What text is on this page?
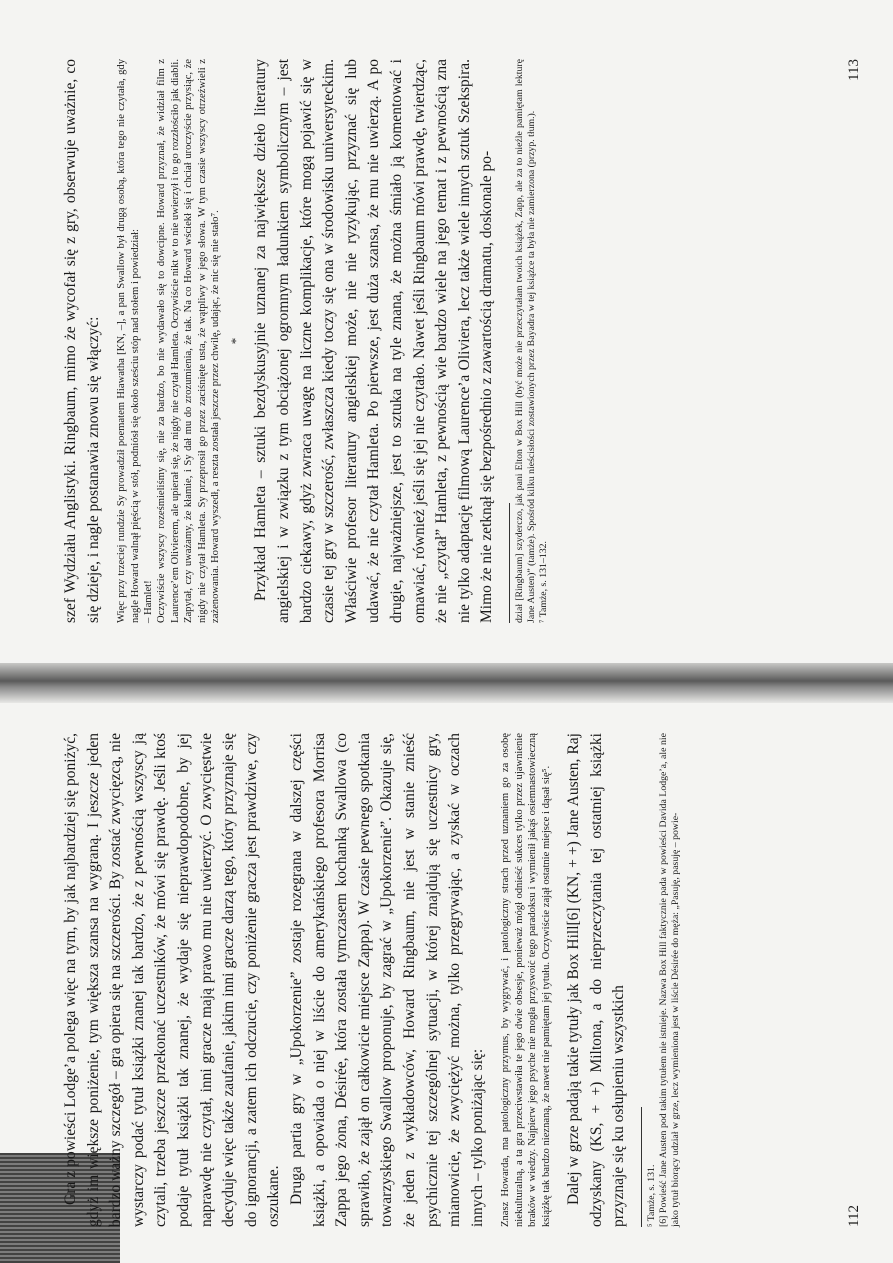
Gra z powieści Lodge’a polega więc na tym, by jak najbardziej się poniżyć, gdyż im większe poniżenie, tym większa szansa na wygraną. I jeszcze jeden bardzo ważny szczegół – gra opiera się na szczerości. By zostać zwycięzcą, nie wystarczy podać tytuł książki znanej tak bardzo, że z pewnością wszyscy ją czytali, trzeba jeszcze przekonać uczestników, że mówi się prawdę. Jeśli ktoś podaje tytuł książki tak znanej, że wydaje się nieprawdopodobne, by jej naprawdę nie czytał, inni gracze mają prawo mu nie uwierzyć. O zwycięstwie decyduje więc także zaufanie, jakim inni gracze darzą tego, który przyznaje się do ignorancji, a zatem ich odczucie, czy poniżenie gracza jest prawdziwe, czy oszukane. Druga partia gry w „Upokorzenie” zostaje rozegrana w dalszej części książki, a opowiada o niej w liście do amerykańskiego profesora Morrisa Zappa jego żona, Désirée, która została tymczasem kochanką Swallowa (co sprawiło, że zajął on całkowicie miejsce Zappa). W czasie pewnego spotkania towarzyskiego Swallow proponuje, by zagrać w „Upokorzenie”. Okazuje się, że jeden z wykładowców, Howard Ringbaum, nie jest w stanie znieść psychicznie tej szczególnej sytuacji, w której znajdują się uczestnicy gry, mianowicie, że zwyciężyć można, tylko przegrywając, a zyskać w oczach innych – tylko poniżając się:	Znasz Howarda, ma patologiczny przymus, by wygrywać, i patologiczny strach przed uznaniem go za osobę niekulturalną, a ta gra przeciwstawiła te jego dwie obsesje, ponieważ mógł odnieść sukces tylko przez ujawnienie braków w wiedzy. Najpierw jego psyche nie mogła przyswoić tego paradoksu i wymienił jakąś osiemnastowieczną książkę tak bardzo nieznaną, że nawet nie pamiętam jej tytułu. Oczywiście zajął ostatnie miejsce i dąsał się⁵. Dalej w grze padają takie tytuły jak Box Hill[6] (KN, + +) Jane Austen, Raj odzyskany (KS, + +) Miltona, a do nieprzeczytania tej ostatniej książki przyznaje się ku osłupieniu wszystkich	⁵ Tamże, s. 131. [6] Powieść Jane Austen pod takim tytułem nie istnieje. Nazwa Box Hill faktycznie pada w powieści Davida Lodge’a, ale nie jako tytuł biorący udział w grze, lecz wymieniona jest w liście Désirée do męża: „Pasuję, pasuję – powie-	112

szef Wydziału Anglistyki. Ringbaum, mimo że wycofał się z gry, obserwuje uważnie, co się dzieje, i nagle postanawia znowu się włączyć:	Więc przy trzeciej rundzie Sy prowadził poematem Hiawatha [KN, –], a pan Swallow był drugą osobą, która tego nie czytała, gdy nagle Howard walnął pięścią w stół, podniósł się około sześciu stóp nad stołem i powiedział: – Hamlet! Oczywiście wszyscy roześmieliśmy się, nie za bardzo, bo nie wydawało się to dowcipne. Howard przyznał, że widział film z Laurence’em Olivierem, ale upierał się, że nigdy nie czytał Hamleta. Oczywiście nikt w to nie uwierzył i to go rozzłościło jak diabli. Zapytał, czy uważamy, że kłamie, i Sy dał mu do zrozumienia, że tak. Na co Howard wściekł się i chciał uroczyście przysiąc, że nigdy nie czytał Hamleta. Sy przeprosił go przez zaciśnięte usta, że wątpliwy w jego słowa. W tym czasie wszyscy otrzeźwieli z zażenowania. Howard wyszedł, a reszta została jeszcze przez chwilę, udając, że nic się nie stało⁷. * Przykład Hamleta – sztuki bezdyskusyjnie uznanej za największe dzieło literatury angielskiej i w związku z tym obciążonej ogromnym ładunkiem symbolicznym – jest bardzo ciekawy, gdyż zwraca uwagę na liczne komplikacje, które mogą pojawić się w czasie tej gry w szczerość, zwłaszcza kiedy toczy się ona w środowisku uniwersyteckim. Właściwie profesor literatury angielskiej może, nie nie ryzykując, przyznać się lub udawać, że nie czytał Hamleta. Po pierwsze, jest duża szansa, że mu nie uwierzą. A po drugie, najważniejsze, jest to sztuka na tyle znana, że można śmiało ją komentować i omawiać, również jeśli się jej nie czytało. Nawet jeśli Ringbaum mówi prawdę, twierdząc, że nie „czytał” Hamleta, z pewnością wie bardzo wiele na jego temat i z pewnością zna nie tylko adaptację filmową Laurence’a Oliviera, lecz także wiele innych sztuk Szekspira. Mimo że nie zetknął się bezpośrednio z zawartością dramatu, doskonale po-	dział [Ringbaum] szyderczo, jak pani Elton w Box Hill (być może nie przeczytałam twoich książek, Zapp, ale za to nieźle pamiętam lekturę Jane Austen)” (tamże). Spośród kilku nieścisłości zostawionych przez Bayadra w tej książce ta była nie zamierzona (przyp. tłum.). ⁷ Tamże, s. 131–132.

113
